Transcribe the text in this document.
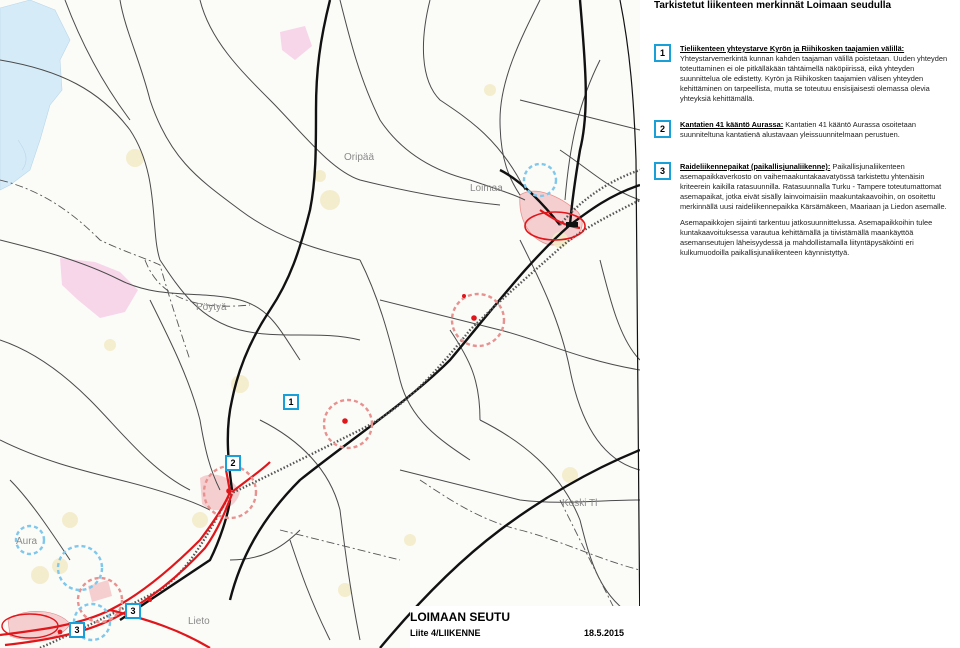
Oripää
Loimaa
Pöytyä
Koski Tl
Lieto
Aura
1
2
3
3
LOIMAAN SEUTU
Liite 4/LIIKENNE	18.5.2015
Tarkistetut liikenteen merkinnät Loimaan seudulla
1	Tieliikenteen yhteystarve Kyrön ja Riihikosken taajamien välillä: Yhteystarvemerkintä kunnan kahden taajaman välillä poistetaan. Uuden yhteyden toteuttaminen ei ole pitkälläkään tähtäimellä näköpiirissä, eikä yhteyden suunnittelua ole edistetty. Kyrön ja Riihikosken taajamien välisen yhteyden kehittäminen on tarpeellista, mutta se toteutuu ensisijaisesti olemassa olevia yhteyksiä kehittämällä.

2	Kantatien 41 kääntö Aurassa: Kantatien 41 kääntö Aurassa osoitetaan suunniteltuna kantatienä alustavaan yleissuunnitelmaan perustuen.

3	Raideliikennepaikat (paikallisjunaliikenne): Paikallisjunaliikenteen asemapaikkaverkosto on vaihemaakuntakaavatyössä tarkistettu yhtenäisin kriteerein kaikilla ratasuunnilla. Ratasuunnalla Turku - Tampere toteutumattomat asemapaikat, jotka eivät sisälly lainvoimaisiin maakuntakaavoihin, on osoitettu merkinnällä uusi raideliikennepaikka Kärsämäkeen, Maariaan ja Liedon asemalle.

Asemapaikkojen sijainti tarkentuu jatkosuunnittelussa. Asemapaikkoihin tulee kuntakaavoituksessa varautua kehittämällä ja tiivistämällä maankäyttöä asemanseutujen läheisyydessä ja mahdollistamalla liityntäpysäköinti eri kulkumuodoilla paikallisjunaliikenteen käynnistyttyä.
